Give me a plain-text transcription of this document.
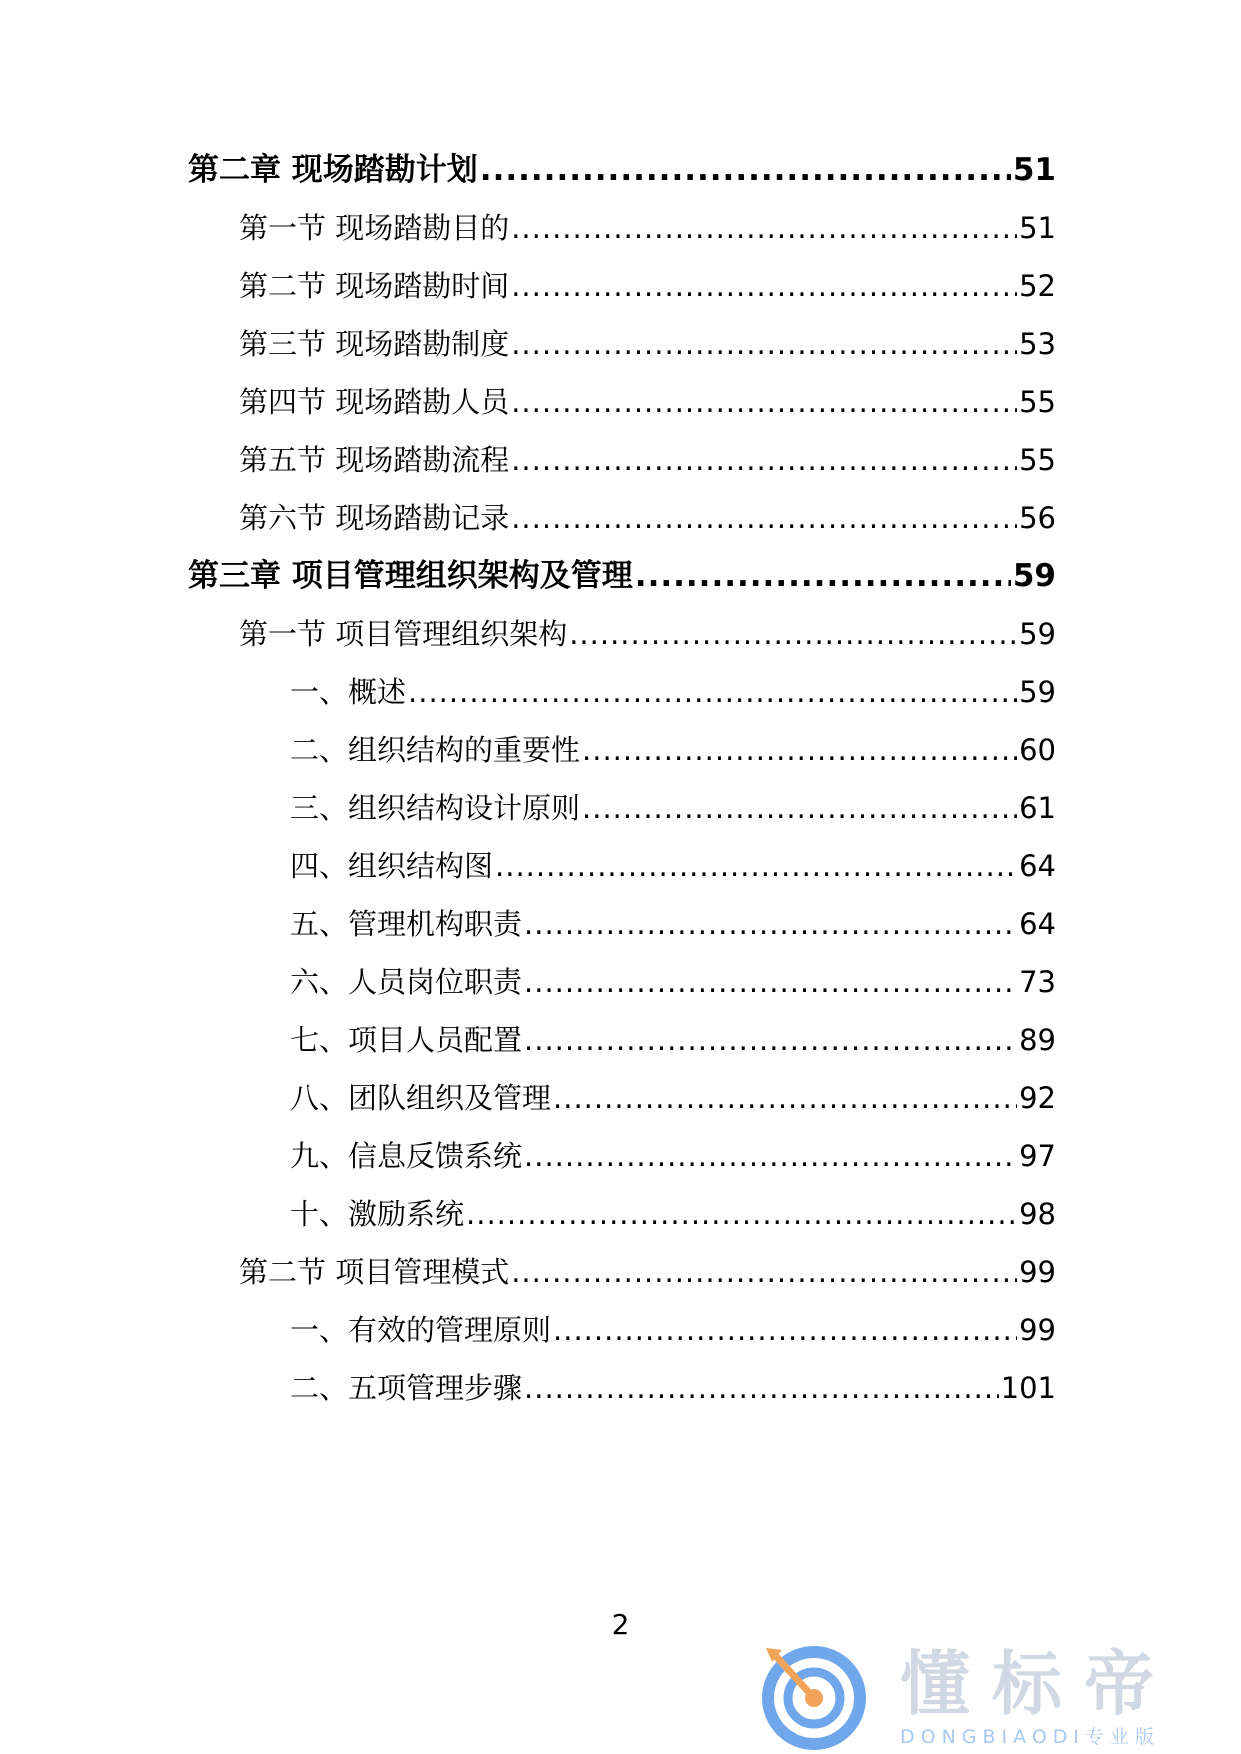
第二章 现场踏勘计划 .....	51
第一节 现场踏勘目的 .....	51
第二节 现场踏勘时间 .....	52
第三节 现场踏勘制度 .....	53
第四节 现场踏勘人员 .....	55
第五节 现场踏勘流程 .....	55
第六节 现场踏勘记录 .....	56
第三章 项目管理组织架构及管理 .....	59
第一节 项目管理组织架构 .....	59
一、概述 .....	59
二、组织结构的重要性 .....	60
三、组织结构设计原则 .....	61
四、组织结构图 .....	64
五、管理机构职责 .....	64
六、人员岗位职责 .....	73
七、项目人员配置 .....	89
八、团队组织及管理 .....	92
九、信息反馈系统 .....	97
十、激励系统 .....	98
第二节 项目管理模式 .....	99
一、有效的管理原则 .....	99
二、五项管理步骤 .....	101
2
懂标帝
DONGBIAODI专业版
